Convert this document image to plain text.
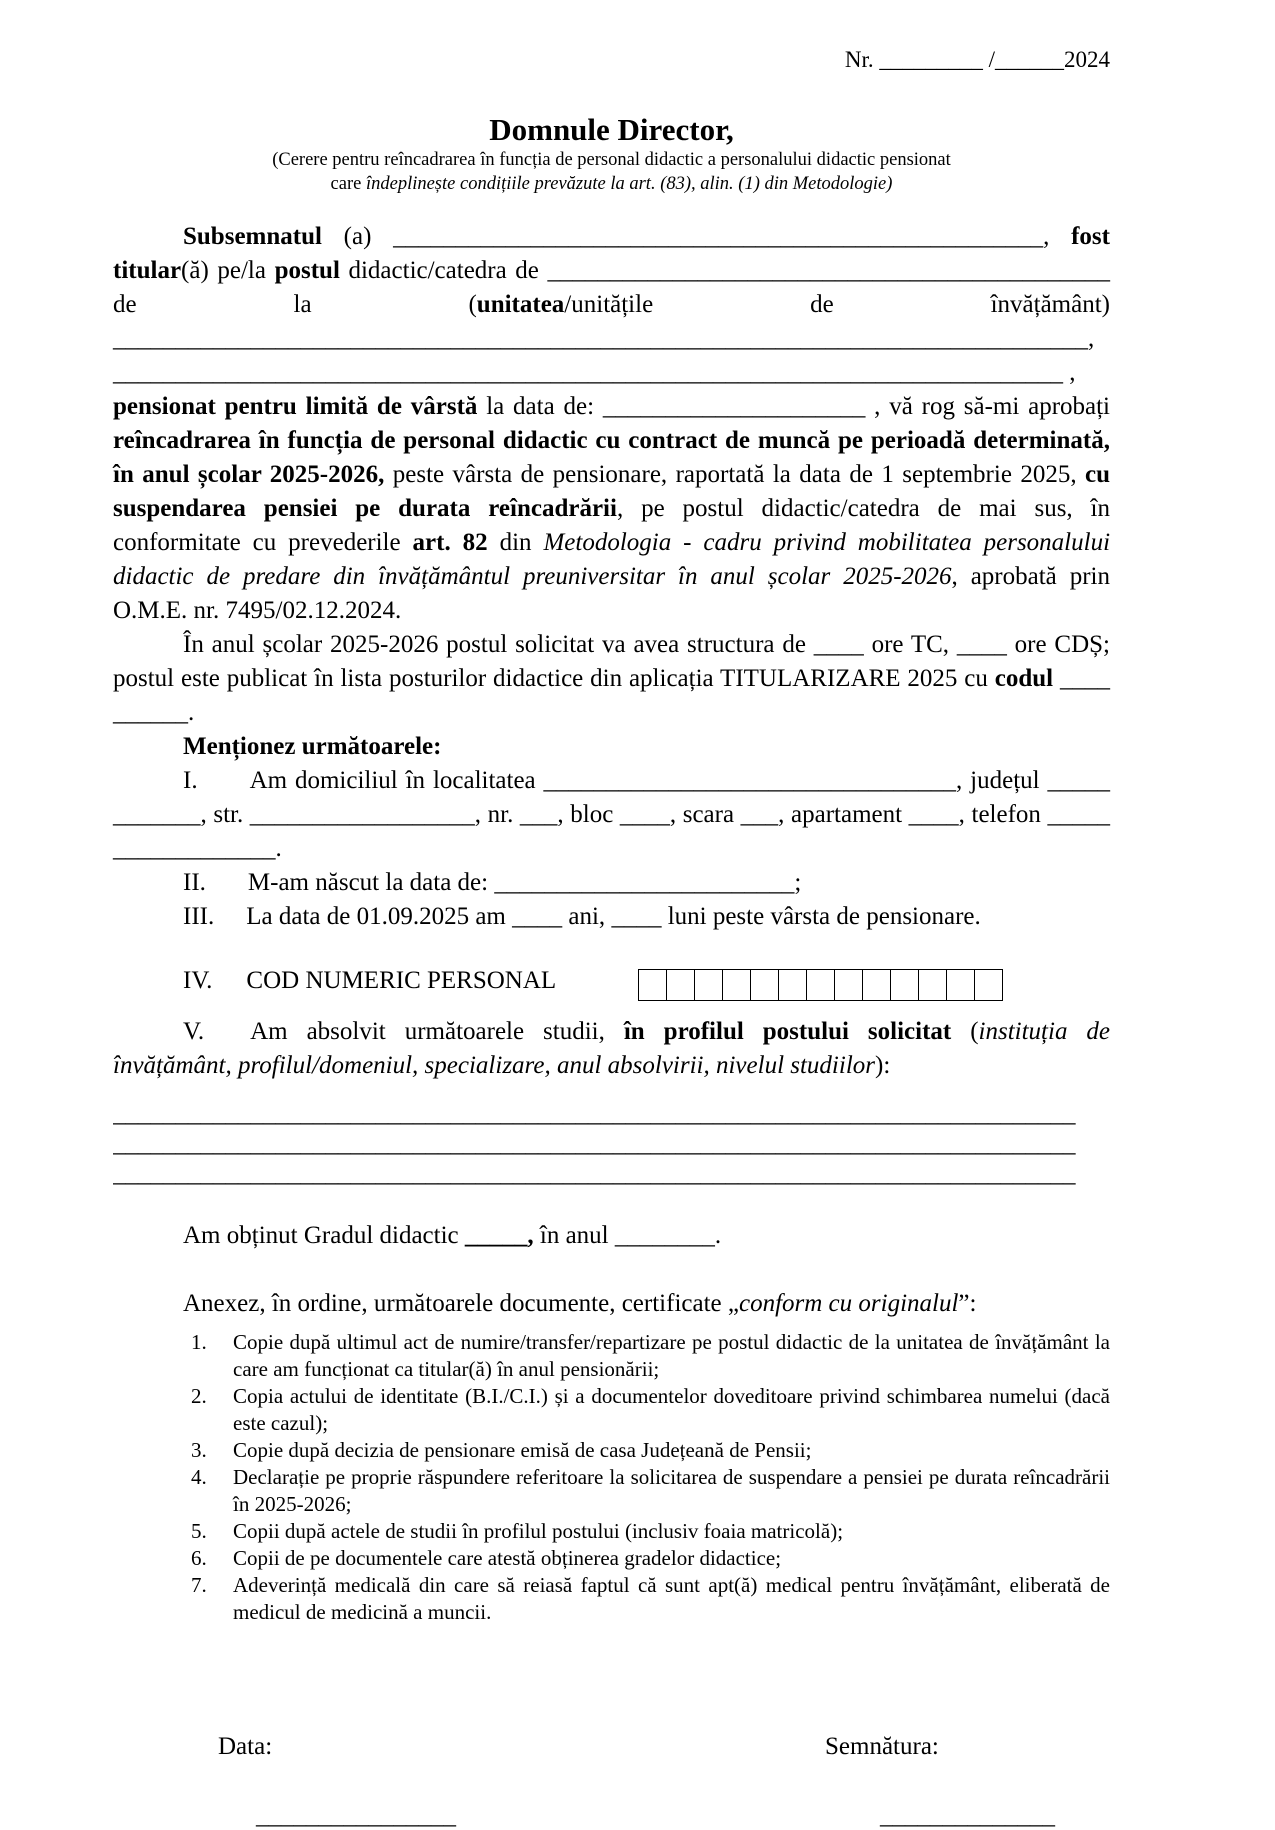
Nr. _________ /______2024
Domnule Director,
(Cerere pentru reîncadrarea în funcția de personal didactic a personalului didactic pensionat
care îndeplinește condițiile prevăzute la art. (83), alin. (1) din Metodologie)
Subsemnatul (a) ____________________________________________________, fost
titular(ă) pe/la postul didactic/catedra de _____________________________________________
de la (unitatea/unitățile de învățământ)
______________________________________________________________________________,
____________________________________________________________________________ ,
pensionat pentru limită de vârstă la data de: _____________________ , vă rog să-mi aprobați reîncadrarea în funcția de personal didactic cu contract de muncă pe perioadă determinată, în anul școlar 2025-2026, peste vârsta de pensionare, raportată la data de 1 septembrie 2025, cu suspendarea pensiei pe durata reîncadrării, pe postul didactic/catedra de mai sus, în conformitate cu prevederile art. 82 din Metodologia - cadru privind mobilitatea personalului didactic de predare din învățământul preuniversitar în anul școlar 2025-2026, aprobată prin O.M.E. nr. 7495/02.12.2024.
În anul școlar 2025-2026 postul solicitat va avea structura de ____ ore TC, ____ ore CDȘ; postul este publicat în lista posturilor didactice din aplicația TITULARIZARE 2025 cu codul __________.
Menționez următoarele:
I. Am domiciliul în localitatea _________________________________, județul ____________, str. __________________, nr. ___, bloc ____, scara ___, apartament ____, telefon __________________.
II. M-am născut la data de: ________________________;
III. La data de 01.09.2025 am ____ ani, ____ luni peste vârsta de pensionare.
IV. COD NUMERIC PERSONAL
V. Am absolvit următoarele studii, în profilul postului solicitat (instituția de învățământ, profilul/domeniul, specializare, anul absolvirii, nivelul studiilor):
_____________________________________________________________________________
_____________________________________________________________________________
_____________________________________________________________________________
Am obținut Gradul didactic _____, în anul ________.
Anexez, în ordine, următoarele documente, certificate „conform cu originalul”:
1.	Copie după ultimul act de numire/transfer/repartizare pe postul didactic de la unitatea de învățământ la care am funcționat ca titular(ă) în anul pensionării;
2.	Copia actului de identitate (B.I./C.I.) și a documentelor doveditoare privind schimbarea numelui (dacă este cazul);
3.	Copie după decizia de pensionare emisă de casa Județeană de Pensii;
4.	Declarație pe proprie răspundere referitoare la solicitarea de suspendare a pensiei pe durata reîncadrării în 2025-2026;
5.	Copii după actele de studii în profilul postului (inclusiv foaia matricolă);
6.	Copii de pe documentele care atestă obținerea gradelor didactice;
7.	Adeverință medicală din care să reiasă faptul că sunt apt(ă) medical pentru învățământ, eliberată de medicul de medicină a muncii.
Data:
________________
Semnătura:
______________
